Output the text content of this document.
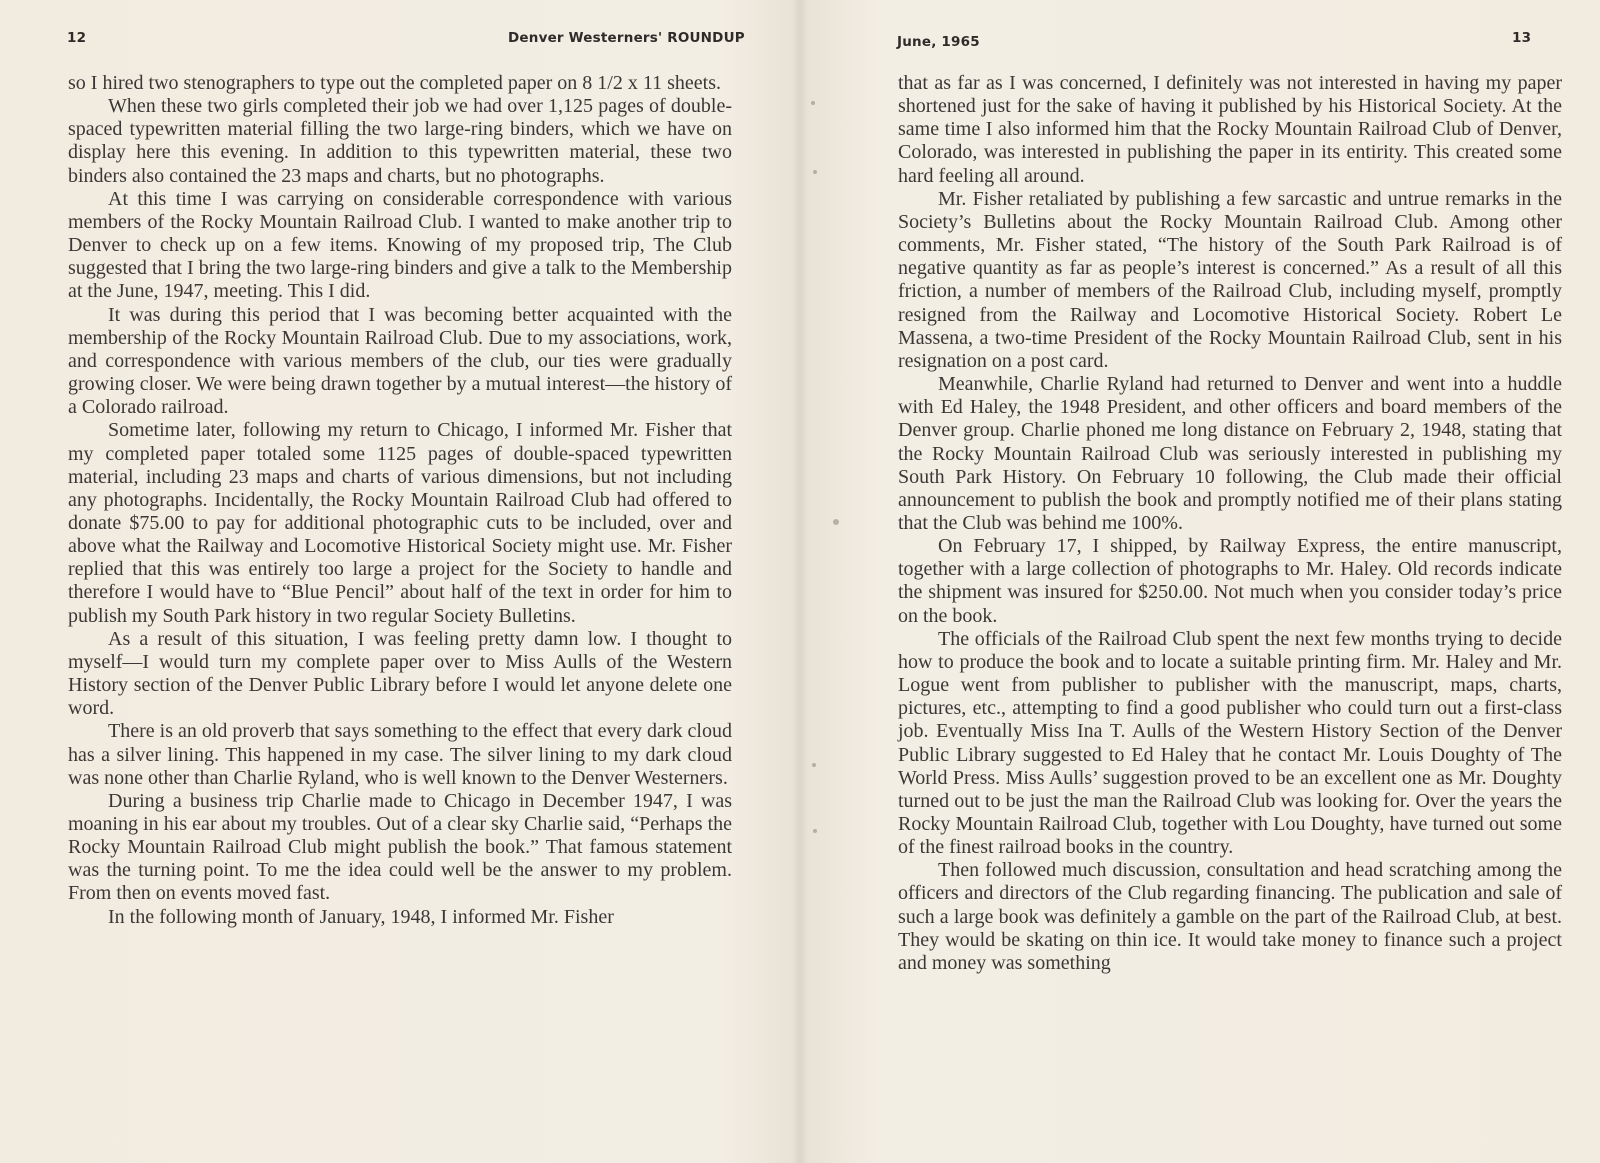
12	Denver Westerners' ROUNDUP

so I hired two stenographers to type out the completed paper on 8 1/2 x 11 sheets.

When these two girls completed their job we had over 1,125 pages of double-spaced typewritten material filling the two large-ring binders, which we have on display here this evening. In addition to this typewritten material, these two binders also contained the 23 maps and charts, but no photographs.

At this time I was carrying on considerable correspondence with various members of the Rocky Mountain Railroad Club. I wanted to make another trip to Denver to check up on a few items. Knowing of my proposed trip, The Club suggested that I bring the two large-ring binders and give a talk to the Membership at the June, 1947, meeting. This I did.

It was during this period that I was becoming better acquainted with the membership of the Rocky Mountain Railroad Club. Due to my associations, work, and correspondence with various members of the club, our ties were gradually growing closer. We were being drawn together by a mutual interest—the history of a Colorado railroad.

Sometime later, following my return to Chicago, I informed Mr. Fisher that my completed paper totaled some 1125 pages of double-spaced typewritten material, including 23 maps and charts of various dimensions, but not including any photographs. Incidentally, the Rocky Mountain Railroad Club had offered to donate $75.00 to pay for additional photographic cuts to be included, over and above what the Railway and Locomotive Historical Society might use. Mr. Fisher replied that this was entirely too large a project for the Society to handle and therefore I would have to “Blue Pencil” about half of the text in order for him to publish my South Park history in two regular Society Bulletins.

As a result of this situation, I was feeling pretty damn low. I thought to myself—I would turn my complete paper over to Miss Aulls of the Western History section of the Denver Public Library before I would let anyone delete one word.

There is an old proverb that says something to the effect that every dark cloud has a silver lining. This happened in my case. The silver lining to my dark cloud was none other than Charlie Ryland, who is well known to the Denver Westerners.

During a business trip Charlie made to Chicago in December 1947, I was moaning in his ear about my troubles. Out of a clear sky Charlie said, “Perhaps the Rocky Mountain Railroad Club might publish the book.” That famous statement was the turning point. To me the idea could well be the answer to my problem. From then on events moved fast.

In the following month of January, 1948, I informed Mr. Fisher

June, 1965	13

that as far as I was concerned, I definitely was not interested in having my paper shortened just for the sake of having it published by his Historical Society. At the same time I also informed him that the Rocky Mountain Railroad Club of Denver, Colorado, was interested in publishing the paper in its entirity. This created some hard feeling all around.

Mr. Fisher retaliated by publishing a few sarcastic and untrue remarks in the Society’s Bulletins about the Rocky Mountain Railroad Club. Among other comments, Mr. Fisher stated, “The history of the South Park Railroad is of negative quantity as far as people’s interest is concerned.” As a result of all this friction, a number of members of the Railroad Club, including myself, promptly resigned from the Railway and Locomotive Historical Society. Robert Le Massena, a two-time President of the Rocky Mountain Railroad Club, sent in his resignation on a post card.

Meanwhile, Charlie Ryland had returned to Denver and went into a huddle with Ed Haley, the 1948 President, and other officers and board members of the Denver group. Charlie phoned me long distance on February 2, 1948, stating that the Rocky Mountain Railroad Club was seriously interested in publishing my South Park History. On February 10 following, the Club made their official announcement to publish the book and promptly notified me of their plans stating that the Club was behind me 100%.

On February 17, I shipped, by Railway Express, the entire manuscript, together with a large collection of photographs to Mr. Haley. Old records indicate the shipment was insured for $250.00. Not much when you consider today’s price on the book.

The officials of the Railroad Club spent the next few months trying to decide how to produce the book and to locate a suitable printing firm. Mr. Haley and Mr. Logue went from publisher to publisher with the manuscript, maps, charts, pictures, etc., attempting to find a good publisher who could turn out a first-class job. Eventually Miss Ina T. Aulls of the Western History Section of the Denver Public Library suggested to Ed Haley that he contact Mr. Louis Doughty of The World Press. Miss Aulls’ suggestion proved to be an excellent one as Mr. Doughty turned out to be just the man the Railroad Club was looking for. Over the years the Rocky Mountain Railroad Club, together with Lou Doughty, have turned out some of the finest railroad books in the country.

Then followed much discussion, consultation and head scratching among the officers and directors of the Club regarding financing. The publication and sale of such a large book was definitely a gamble on the part of the Railroad Club, at best. They would be skating on thin ice. It would take money to finance such a project and money was something
